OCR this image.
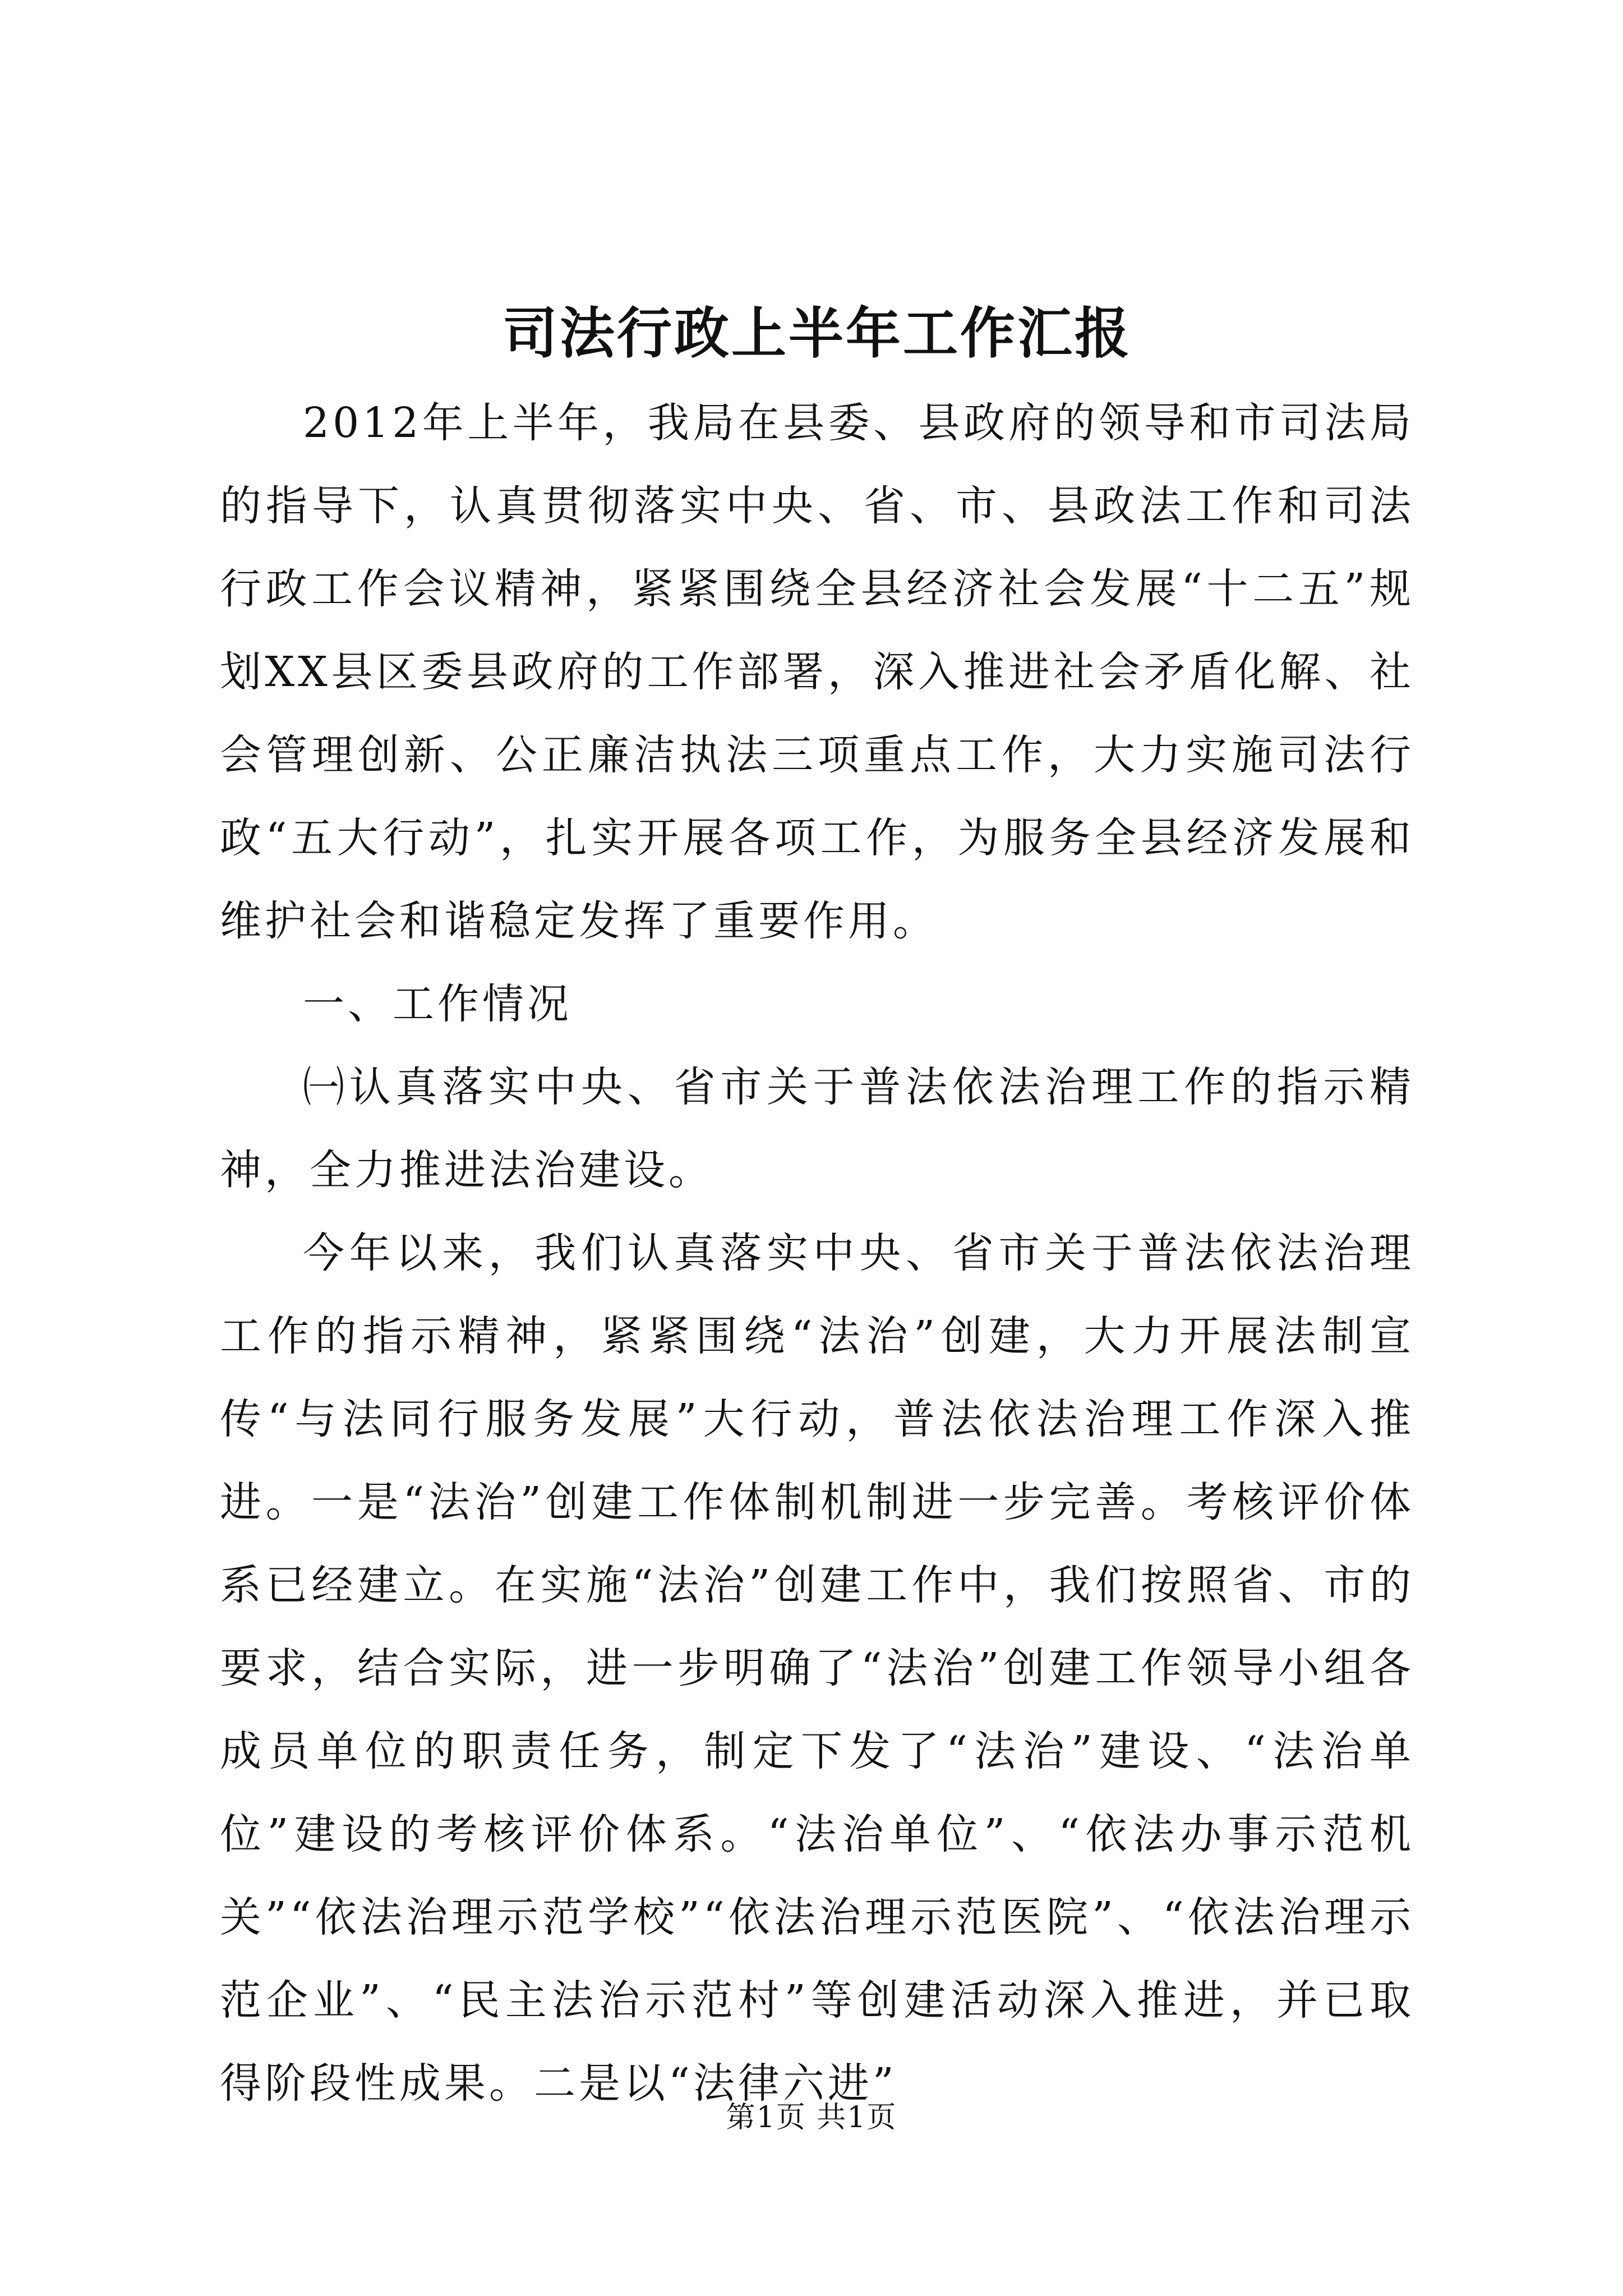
司法行政上半年工作汇报

2012年上半年，我局在县委、县政府的领导和市司法局的指导下，认真贯彻落实中央、省、市、县政法工作和司法行政工作会议精神，紧紧围绕全县经济社会发展“十二五”规划XX县区委县政府的工作部署，深入推进社会矛盾化解、社会管理创新、公正廉洁执法三项重点工作，大力实施司法行政“五大行动”，扎实开展各项工作，为服务全县经济发展和维护社会和谐稳定发挥了重要作用。

一、工作情况

㈠认真落实中央、省市关于普法依法治理工作的指示精神，全力推进法治建设。

今年以来，我们认真落实中央、省市关于普法依法治理工作的指示精神，紧紧围绕“法治”创建，大力开展法制宣传“与法同行服务发展”大行动，普法依法治理工作深入推进。一是“法治”创建工作体制机制进一步完善。考核评价体系已经建立。在实施“法治”创建工作中，我们按照省、市的要求，结合实际，进一步明确了“法治”创建工作领导小组各成员单位的职责任务，制定下发了“法治”建设、“法治单位”建设的考核评价体系。“法治单位”、“依法办事示范机关”“依法治理示范学校”“依法治理示范医院”、“依法治理示范企业”、“民主法治示范村”等创建活动深入推进，并已取得阶段性成果。二是以“法律六进”

第1页 共1页
